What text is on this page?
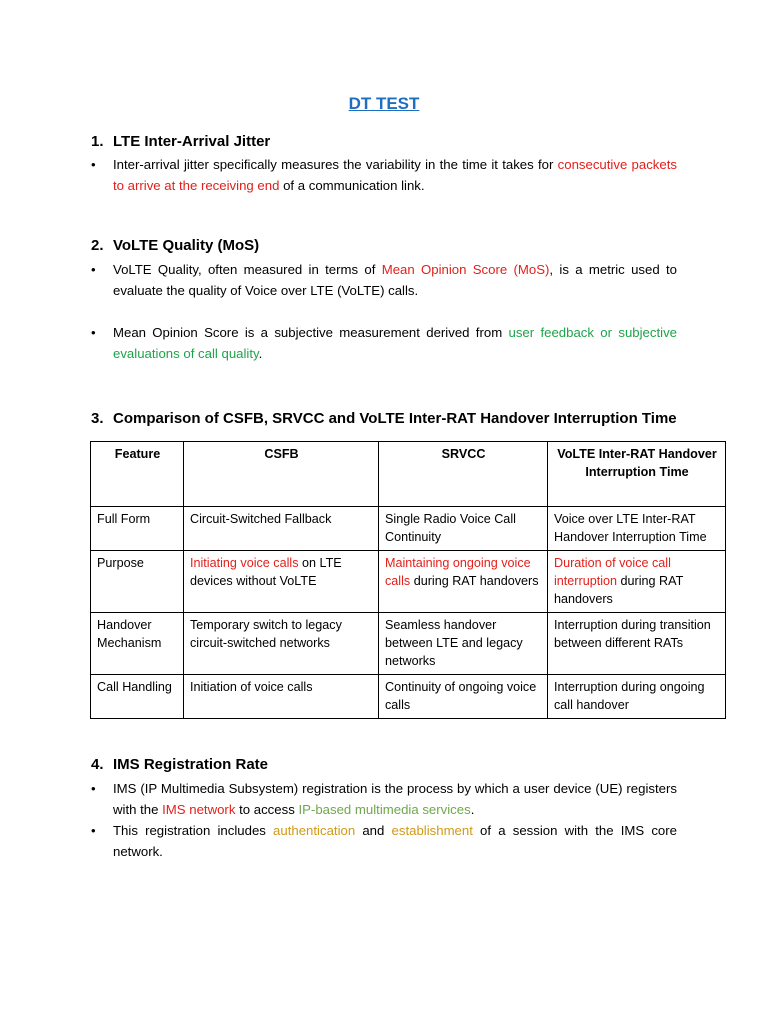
DT TEST
1. LTE Inter-Arrival Jitter
•	Inter-arrival jitter specifically measures the variability in the time it takes for consecutive packets to arrive at the receiving end of a communication link.
2. VoLTE Quality (MoS)
•	VoLTE Quality, often measured in terms of Mean Opinion Score (MoS), is a metric used to evaluate the quality of Voice over LTE (VoLTE) calls.
•	Mean Opinion Score is a subjective measurement derived from user feedback or subjective evaluations of call quality.
3. Comparison of CSFB, SRVCC and VoLTE Inter-RAT Handover Interruption Time
Feature	CSFB	SRVCC	VoLTE Inter-RAT Handover Interruption Time
Full Form	Circuit-Switched Fallback	Single Radio Voice Call Continuity	Voice over LTE Inter-RAT Handover Interruption Time
Purpose	Initiating voice calls on LTE devices without VoLTE	Maintaining ongoing voice calls during RAT handovers	Duration of voice call interruption during RAT handovers
Handover Mechanism	Temporary switch to legacy circuit-switched networks	Seamless handover between LTE and legacy networks	Interruption during transition between different RATs
Call Handling	Initiation of voice calls	Continuity of ongoing voice calls	Interruption during ongoing call handover
4. IMS Registration Rate
•	IMS (IP Multimedia Subsystem) registration is the process by which a user device (UE) registers with the IMS network to access IP-based multimedia services.
•	This registration includes authentication and establishment of a session with the IMS core network.
